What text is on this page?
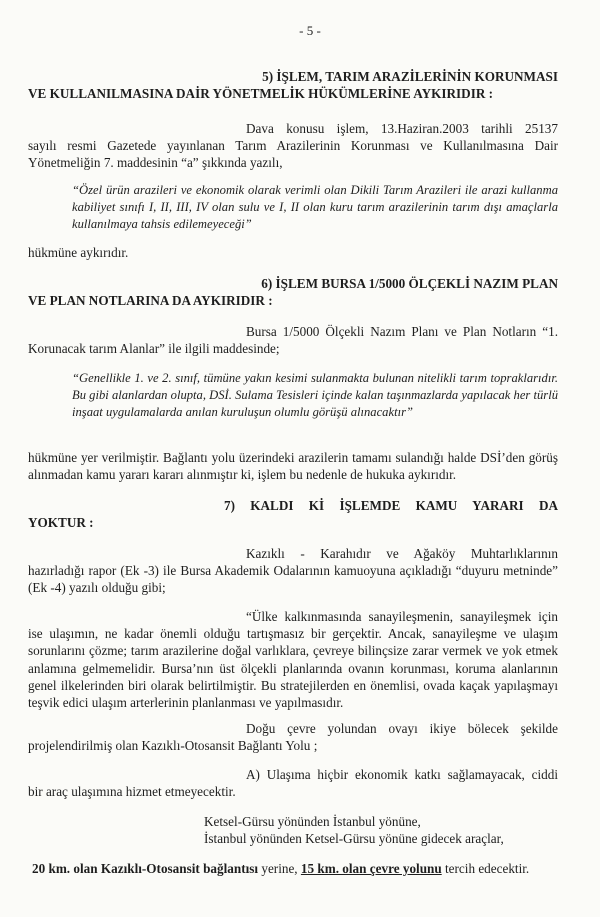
- 5 -
5) İŞLEM, TARIM ARAZİLERİNİN KORUNMASI
VE KULLANILMASINA DAİR YÖNETMELİK HÜKÜMLERİNE AYKIRIDIR :
Dava konusu işlem, 13.Haziran.2003 tarihli 25137
sayılı resmi Gazetede yayınlanan Tarım Arazilerinin Korunması ve Kullanılmasına Dair Yönetmeliğin 7. maddesinin “a” şıkkında yazılı,
“Özel ürün arazileri ve ekonomik olarak verimli olan Dikili Tarım Arazileri ile arazi kullanma kabiliyet sınıfı I, II, III, IV olan sulu ve I, II olan kuru tarım arazilerinin tarım dışı amaçlarla kullanılmaya tahsis edilemeyeceği”
hükmüne aykırıdır.
6) İŞLEM BURSA 1/5000 ÖLÇEKLİ NAZIM PLAN
VE PLAN NOTLARINA DA AYKIRIDIR :
Bursa 1/5000 Ölçekli Nazım Planı ve Plan Notların “1.
Korunacak tarım Alanlar” ile ilgili maddesinde;
“Genellikle 1. ve 2. sınıf, tümüne yakın kesimi sulanmakta bulunan nitelikli tarım topraklarıdır. Bu gibi alanlardan olupta, DSİ. Sulama Tesisleri içinde kalan taşınmazlarda yapılacak her türlü inşaat uygulamalarda anılan kuruluşun olumlu görüşü alınacaktır”
hükmüne yer verilmiştir. Bağlantı yolu üzerindeki arazilerin tamamı sulandığı halde DSİ’den görüş alınmadan kamu yararı kararı alınmıştır ki, işlem bu nedenle de hukuka aykırıdır.
7) KALDI Kİ İŞLEMDE KAMU YARARI DA
YOKTUR :
Kazıklı - Karahıdır ve Ağaköy Muhtarlıklarının
hazırladığı rapor (Ek -3) ile Bursa Akademik Odalarının kamuoyuna açıkladığı “duyuru metninde” (Ek -4) yazılı olduğu gibi;
“Ülke kalkınmasında sanayileşmenin, sanayileşmek için
ise ulaşımın, ne kadar önemli olduğu tartışmasız bir gerçektir. Ancak, sanayileşme ve ulaşım sorunlarını çözme; tarım arazilerine doğal varlıklara, çevreye bilinçsize zarar vermek ve yok etmek anlamına gelmemelidir. Bursa’nın üst ölçekli planlarında ovanın korunması, koruma alanlarının genel ilkelerinden biri olarak belirtilmiştir. Bu stratejilerden en önemlisi, ovada kaçak yapılaşmayı teşvik edici ulaşım arterlerinin planlanması ve yapılmasıdır.
Doğu çevre yolundan ovayı ikiye bölecek şekilde
projelendirilmiş olan Kazıklı-Otosansit Bağlantı Yolu ;
A) Ulaşıma hiçbir ekonomik katkı sağlamayacak, ciddi
bir araç ulaşımına hizmet etmeyecektir.
Ketsel-Gürsu yönünden İstanbul yönüne,
İstanbul yönünden Ketsel-Gürsu yönüne gidecek araçlar,
20 km. olan Kazıklı-Otosansit bağlantısı yerine, 15 km. olan çevre yolunu tercih edecektir.
